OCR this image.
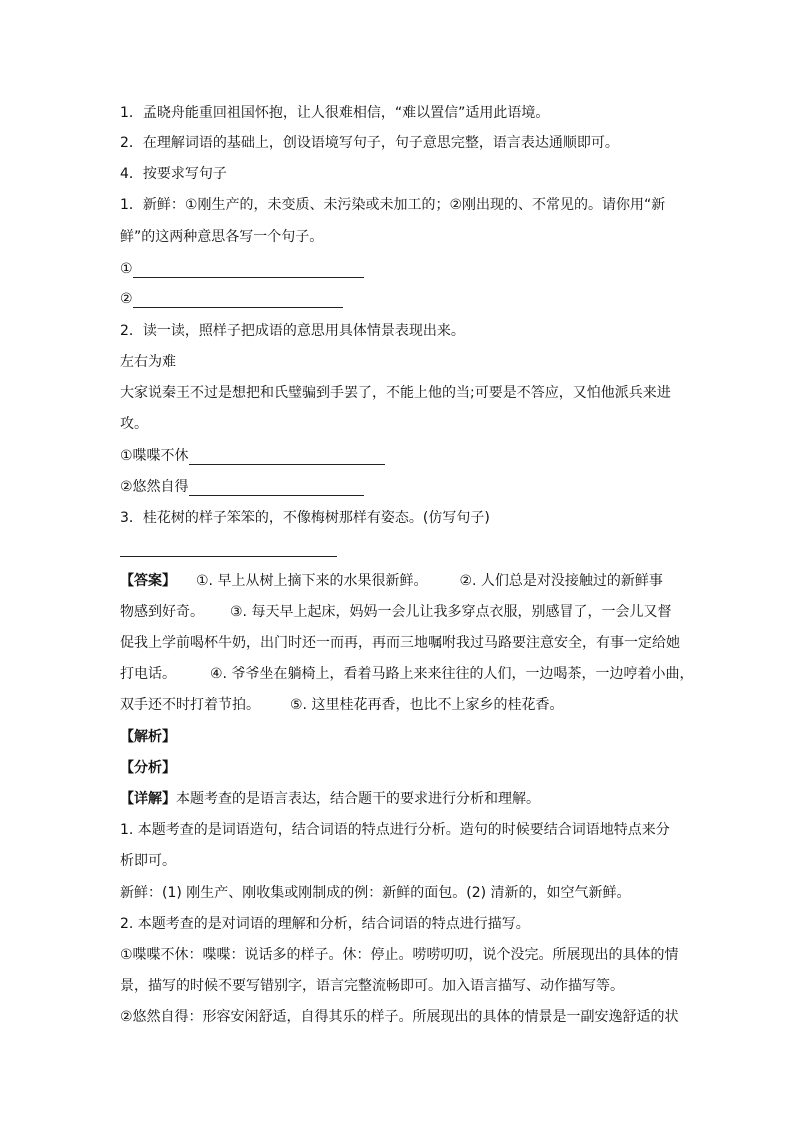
1．孟晓舟能重回祖国怀抱，让人很难相信，“难以置信”适用此语境。
2．在理解词语的基础上，创设语境写句子，句子意思完整，语言表达通顺即可。
4．按要求写句子
1．新鲜：①刚生产的，未变质、未污染或未加工的；②刚出现的、不常见的。请你用“新
鲜”的这两种意思各写一个句子。
①
②
2．读一读，照样子把成语的意思用具体情景表现出来。
左右为难
大家说秦王不过是想把和氏璧骗到手罢了，不能上他的当;可要是不答应，又怕他派兵来进
攻。
①喋喋不休
②悠然自得
3．桂花树的样子笨笨的，不像梅树那样有姿态。(仿写句子)
【答案】 ①. 早上从树上摘下来的水果很新鲜。 ②. 人们总是对没接触过的新鲜事
物感到好奇。 ③. 每天早上起床，妈妈一会儿让我多穿点衣服，别感冒了，一会儿又督
促我上学前喝杯牛奶，出门时还一而再，再而三地嘱咐我过马路要注意安全，有事一定给她
打电话。 ④. 爷爷坐在躺椅上，看着马路上来来往往的人们，一边喝茶，一边哼着小曲，
双手还不时打着节拍。 ⑤. 这里桂花再香，也比不上家乡的桂花香。
【解析】
【分析】
【详解】本题考查的是语言表达，结合题干的要求进行分析和理解。
1. 本题考查的是词语造句，结合词语的特点进行分析。造句的时候要结合词语地特点来分
析即可。
新鲜：(1) 刚生产、刚收集或刚制成的例：新鲜的面包。(2) 清新的，如空气新鲜。
2. 本题考查的是对词语的理解和分析，结合词语的特点进行描写。
①喋喋不休：喋喋：说话多的样子。休：停止。唠唠叨叨，说个没完。所展现出的具体的情
景，描写的时候不要写错别字，语言完整流畅即可。加入语言描写、动作描写等。
②悠然自得：形容安闲舒适，自得其乐的样子。所展现出的具体的情景是一副安逸舒适的状
